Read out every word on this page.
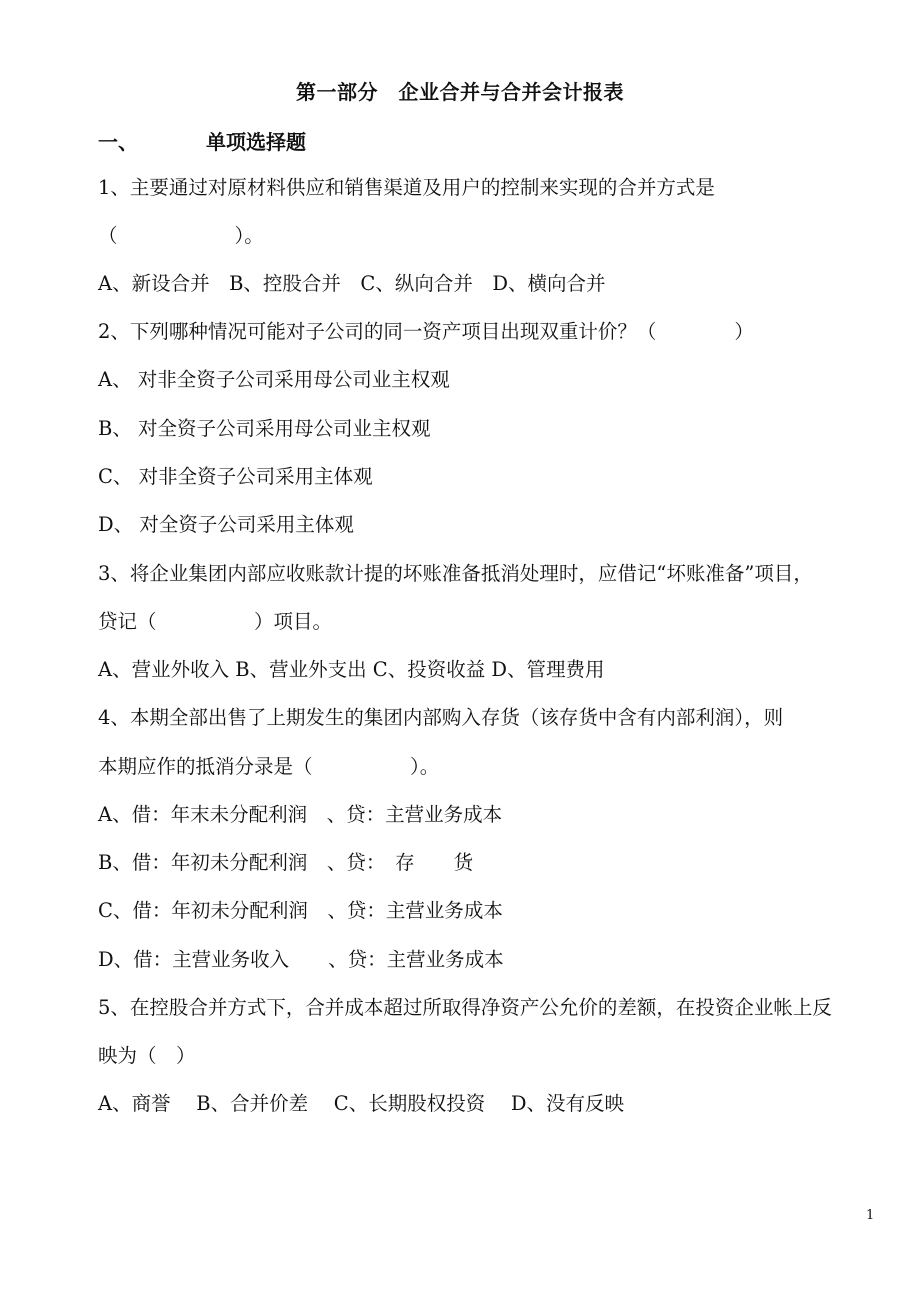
第一部分　企业合并与合并会计报表
一、	单项选择题
1、主要通过对原材料供应和销售渠道及用户的控制来实现的合并方式是
（　　　　　　）。
A、新设合并　B、控股合并　C、纵向合并　D、横向合并
2、下列哪种情况可能对子公司的同一资产项目出现双重计价？（　　　　）
A、 对非全资子公司采用母公司业主权观
B、 对全资子公司采用母公司业主权观
C、 对非全资子公司采用主体观
D、 对全资子公司采用主体观
3、将企业集团内部应收账款计提的坏账准备抵消处理时，应借记“坏账准备”项目，
贷记（　　　　　）项目。
A、营业外收入 B、营业外支出 C、投资收益 D、管理费用
4、本期全部出售了上期发生的集团内部购入存货（该存货中含有内部利润），则
本期应作的抵消分录是（　　　　　）。
A、借：年末未分配利润　、贷：主营业务成本
B、借：年初未分配利润　、贷：　存　　货
C、借：年初未分配利润　、贷：主营业务成本
D、借：主营业务收入　　、贷：主营业务成本
5、在控股合并方式下，合并成本超过所取得净资产公允价的差额，在投资企业帐上反
映为（　）
A、商誉　 B、合并价差　 C、长期股权投资　 D、没有反映
1
